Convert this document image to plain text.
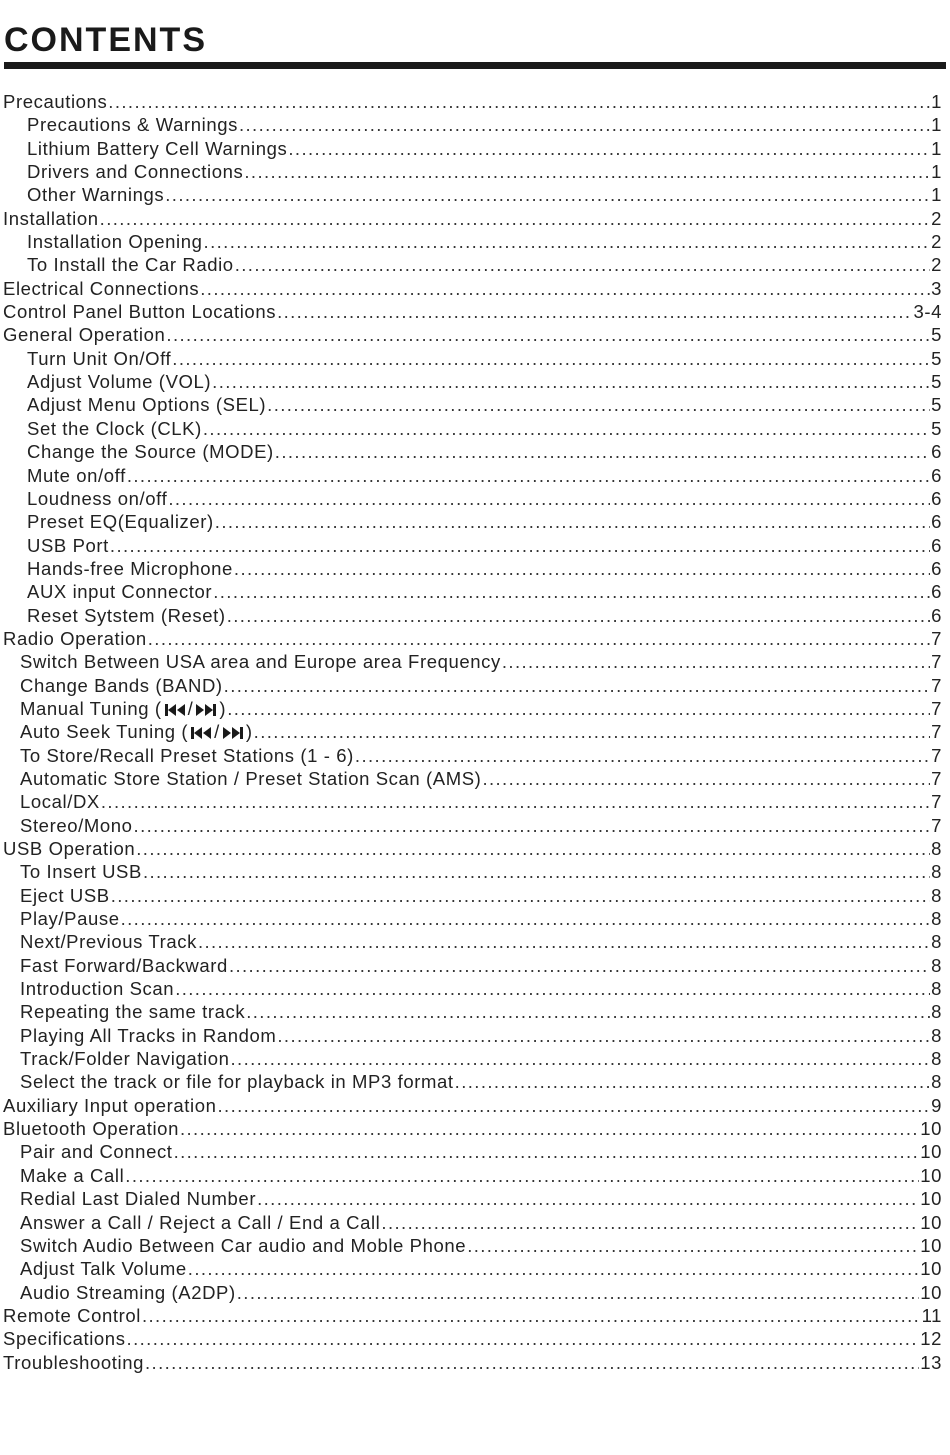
CONTENTS
Precautions .....	1
Precautions & Warnings .....	1
Lithium Battery Cell Warnings .....	1
Drivers and Connections .....	1
Other Warnings .....	1
Installation .....	2
Installation Opening .....	2
To Install the Car Radio .....	2
Electrical Connections .....	3
Control Panel Button Locations .....	3-4
General Operation .....	5
Turn Unit On/Off .....	5
Adjust Volume (VOL) .....	5
Adjust Menu Options (SEL) .....	5
Set the Clock (CLK) .....	5
Change the Source (MODE) .....	6
Mute on/off .....	6
Loudness on/off .....	6
Preset EQ(Equalizer) .....	6
USB Port .....	6
Hands-free Microphone .....	6
AUX input Connector .....	6
Reset Sytstem (Reset) .....	6
Radio Operation .....	7
Switch Between USA area and Europe area Frequency .....	7
Change Bands (BAND) .....	7
Manual Tuning ( / ) .....	7
Auto Seek Tuning ( / ) .....	7
To Store/Recall Preset Stations (1 - 6) .....	7
Automatic Store Station / Preset Station Scan (AMS) .....	7
Local/DX .....	7
Stereo/Mono .....	7
USB Operation .....	8
To Insert USB .....	8
Eject USB .....	8
Play/Pause .....	8
Next/Previous Track .....	8
Fast Forward/Backward .....	8
Introduction Scan .....	8
Repeating the same track .....	8
Playing All Tracks in Random .....	8
Track/Folder Navigation .....	8
Select the track or file for playback in MP3 format .....	8
Auxiliary Input operation .....	9
Bluetooth Operation .....	10
Pair and Connect .....	10
Make a Call .....	10
Redial Last Dialed Number .....	10
Answer a Call / Reject a Call / End a Call .....	10
Switch Audio Between Car audio and Moble Phone .....	10
Adjust Talk Volume .....	10
Audio Streaming (A2DP) .....	10
Remote Control .....	11
Specifications .....	12
Troubleshooting .....	13
